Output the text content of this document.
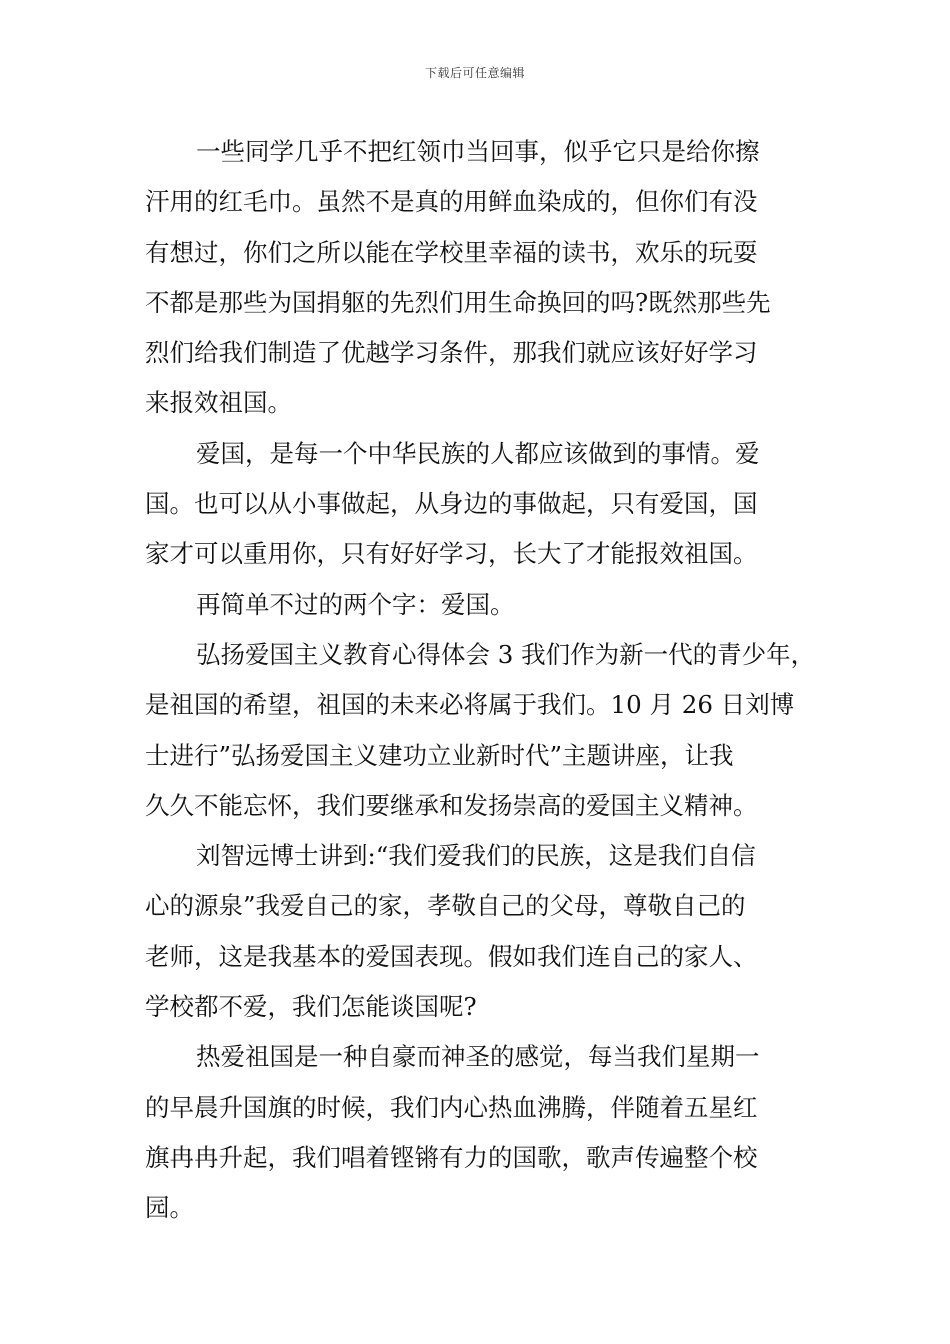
下载后可任意编辑
一些同学几乎不把红领巾当回事，似乎它只是给你擦
汗用的红毛巾。虽然不是真的用鲜血染成的，但你们有没
有想过，你们之所以能在学校里幸福的读书，欢乐的玩耍
不都是那些为国捐躯的先烈们用生命换回的吗?既然那些先
烈们给我们制造了优越学习条件，那我们就应该好好学习
来报效祖国。
爱国，是每一个中华民族的人都应该做到的事情。爱
国。也可以从小事做起，从身边的事做起，只有爱国，国
家才可以重用你，只有好好学习，长大了才能报效祖国。
再简单不过的两个字：爱国。
弘扬爱国主义教育心得体会 3 我们作为新一代的青少年，
是祖国的希望，祖国的未来必将属于我们。10 月 26 日刘博
士进行”弘扬爱国主义建功立业新时代”主题讲座，让我
久久不能忘怀，我们要继承和发扬崇高的爱国主义精神。
刘智远博士讲到:“我们爱我们的民族，这是我们自信
心的源泉”我爱自己的家，孝敬自己的父母，尊敬自己的
老师，这是我基本的爱国表现。假如我们连自己的家人、
学校都不爱，我们怎能谈国呢?
热爱祖国是一种自豪而神圣的感觉，每当我们星期一
的早晨升国旗的时候，我们内心热血沸腾，伴随着五星红
旗冉冉升起，我们唱着铿锵有力的国歌，歌声传遍整个校
园。
